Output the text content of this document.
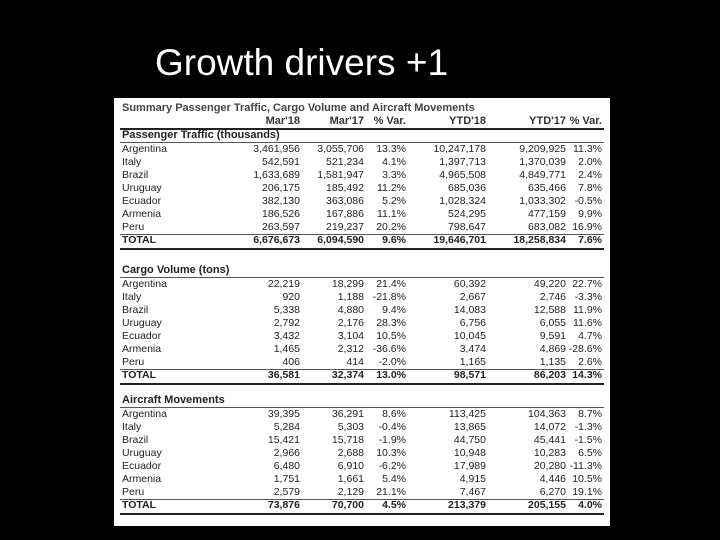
Growth drivers +1
Summary Passenger Traffic, Cargo Volume and Aircraft Movements
Mar'18	Mar'17 % Var.	YTD'18	YTD'17 % Var.
Passenger Traffic (thousands)
Argentina	3,461,956 3,055,706 13.3%	10,247,178	9,209,925 11.3%
Italy	542,591 521,234 4.1%	1,397,713	1,370,039 2.0%
Brazil	1,633,689 1,581,947 3.3%	4,965,508	4,849,771 2.4%
Uruguay	206,175 185,492 11.2%	685,036	635,466 7.8%
Ecuador	382,130 363,086 5.2%	1,028,324	1,033,302 -0.5%
Armenia	186,526 167,886 11.1%	524,295	477,159 9.9%
Peru	263,597 219,237 20.2%	798,647	683,082 16.9%
TOTAL	6,676,673 6,094,590 9.6%	19,646,701	18,258,834 7.6%
Cargo Volume (tons)
Argentina	22,219	18,299 21.4%	60,392	49,220 22.7%
Italy	920	1,188 -21.8%	2,667	2,746 -3.3%
Brazil	5,338	4,880 9.4%	14,083	12,588 11.9%
Uruguay	2,792	2,176 28.3%	6,756	6,055 11.6%
Ecuador	3,432	3,104 10.5%	10,045	9,591 4.7%
Armenia	1,465	2,312 -36.6%	3,474	4,869 -28.6%
Peru	406	414 -2.0%	1,165	1,135 2.6%
TOTAL	36,581	32,374 13.0%	98,571	86,203 14.3%
Aircraft Movements
Argentina	39,395	36,291 8.6%	113,425	104,363 8.7%
Italy	5,284	5,303 -0.4%	13,865	14,072 -1.3%
Brazil	15,421	15,718 -1.9%	44,750	45,441 -1.5%
Uruguay	2,966	2,688 10.3%	10,948	10,283 6.5%
Ecuador	6,480	6,910 -6.2%	17,989	20,280 -11.3%
Armenia	1,751	1,661 5.4%	4,915	4,446 10.5%
Peru	2,579	2,129 21.1%	7,467	6,270 19.1%
TOTAL	73,876	70,700 4.5%	213,379	205,155 4.0%
